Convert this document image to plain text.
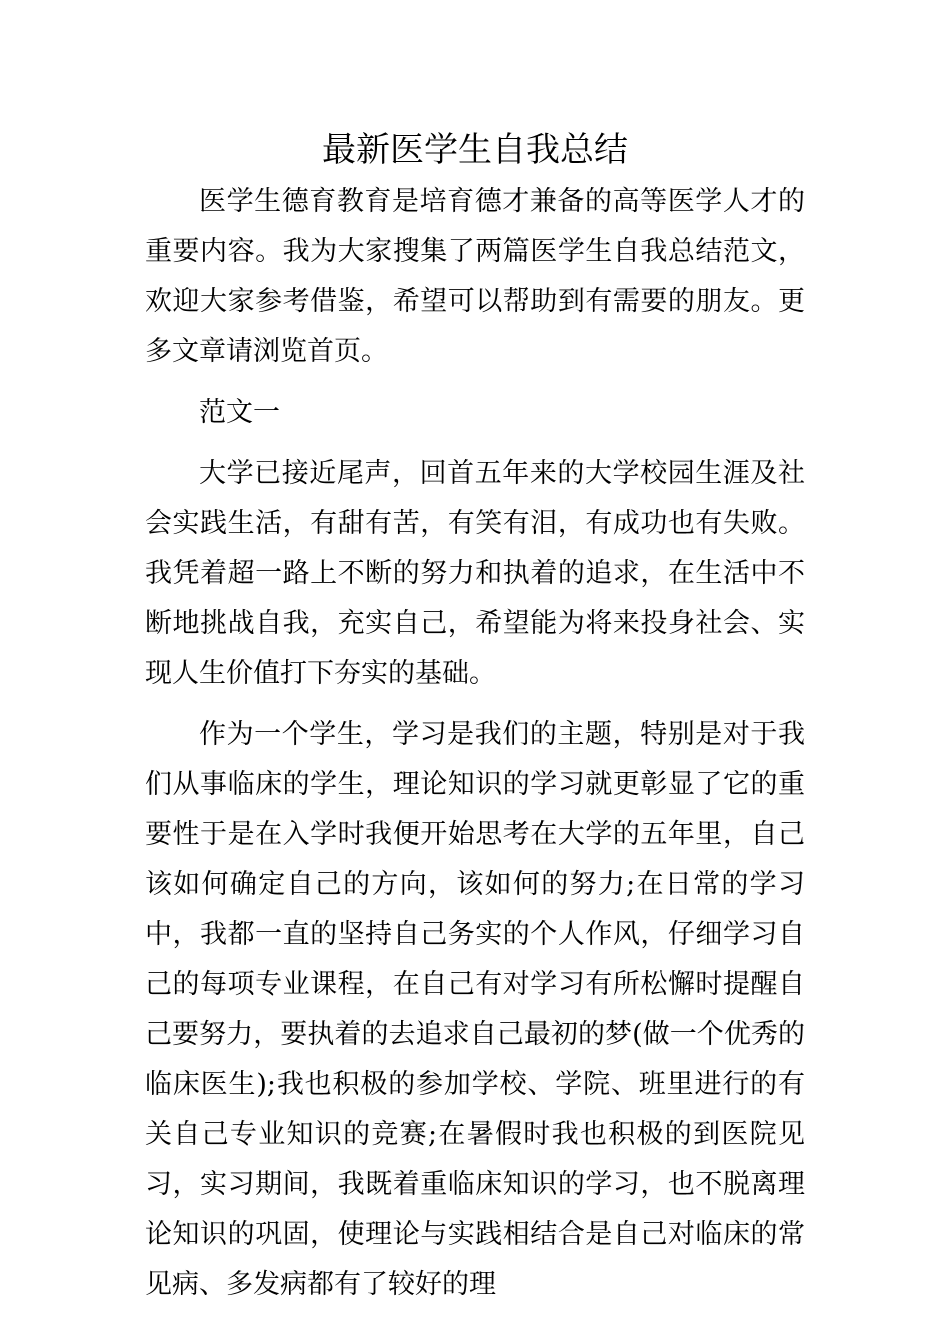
最新医学生自我总结

医学生德育教育是培育德才兼备的高等医学人才的重要内容。我为大家搜集了两篇医学生自我总结范文，欢迎大家参考借鉴，希望可以帮助到有需要的朋友。更多文章请浏览首页。

范文一

大学已接近尾声，回首五年来的大学校园生涯及社会实践生活，有甜有苦，有笑有泪，有成功也有失败。我凭着超一路上不断的努力和执着的追求，在生活中不断地挑战自我，充实自己，希望能为将来投身社会、实现人生价值打下夯实的基础。

作为一个学生，学习是我们的主题，特别是对于我们从事临床的学生，理论知识的学习就更彰显了它的重要性于是在入学时我便开始思考在大学的五年里，自己该如何确定自己的方向，该如何的努力;在日常的学习中，我都一直的坚持自己务实的个人作风，仔细学习自己的每项专业课程，在自己有对学习有所松懈时提醒自己要努力，要执着的去追求自己最初的梦(做一个优秀的临床医生);我也积极的参加学校、学院、班里进行的有关自己专业知识的竞赛;在暑假时我也积极的到医院见习，实习期间，我既着重临床知识的学习，也不脱离理论知识的巩固，使理论与实践相结合是自己对临床的常见病、多发病都有了较好的理
